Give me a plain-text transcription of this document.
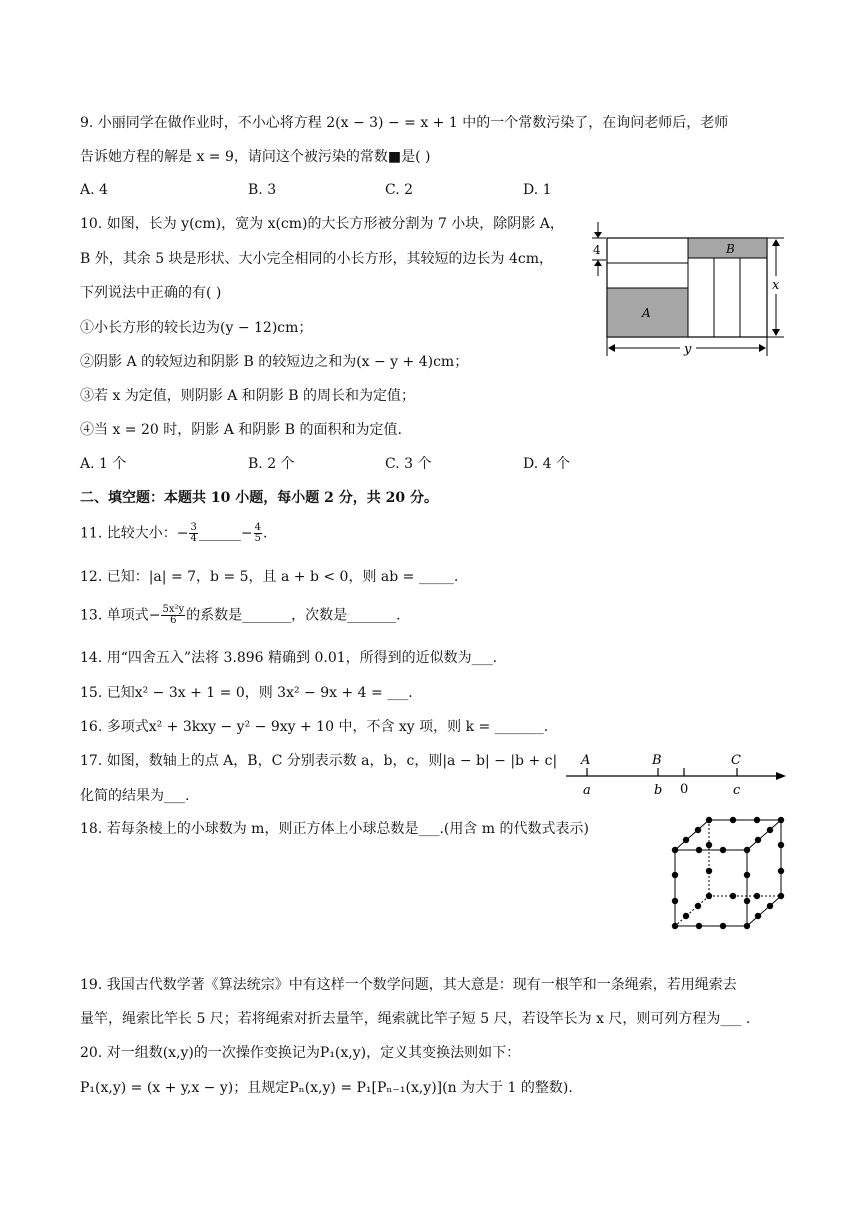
9. 小丽同学在做作业时，不小心将方程 2(x − 3) − = x + 1 中的一个常数污染了，在询问老师后，老师
告诉她方程的解是 x = 9，请问这个被污染的常数■是( )
A. 4	B. 3	C. 2	D. 1
10. 如图，长为 y(cm)，宽为 x(cm)的大长方形被分割为 7 小块，除阴影 A，
B 外，其余 5 块是形状、大小完全相同的小长方形，其较短的边长为 4cm，
下列说法中正确的有( )
①小长方形的较长边为(y − 12)cm；
②阴影 A 的较短边和阴影 B 的较短边之和为(x − y + 4)cm；
③若 x 为定值，则阴影 A 和阴影 B 的周长和为定值；
④当 x = 20 时，阴影 A 和阴影 B 的面积和为定值.
A. 1 个	B. 2 个	C. 3 个	D. 4 个
4
A
B
x
y
二、填空题：本题共 10 小题，每小题 2 分，共 20 分。
11. 比较大小：− $\frac{3}{4}$ ______− $\frac{4}{5}$ .
12. 已知：|a| = 7，b = 5，且 a + b < 0，则 ab = _____.
13. 单项式− $\frac{\text{5x²y}}{6}$ 的系数是_______，次数是_______.
14. 用“四舍五入”法将 3.896 精确到 0.01，所得到的近似数为___.
15. 已知x² − 3x + 1 = 0，则 3x² − 9x + 4 = ___.
16. 多项式x² + 3kxy − y² − 9xy + 10 中，不含 xy 项，则 k = _______.
17. 如图，数轴上的点 A，B，C 分别表示数 a，b，c，则|a − b| − |b + c|
化简的结果为___.
A	B	C
a	b 0	c
18. 若每条棱上的小球数为 m，则正方体上小球总数是___.(用含 m 的代数式表示)
19. 我国古代数学著《算法统宗》中有这样一个数学问题，其大意是：现有一根竿和一条绳索，若用绳索去
量竿，绳索比竿长 5 尺；若将绳索对折去量竿，绳索就比竿子短 5 尺，若设竿长为 x 尺，则可列方程为___ .
20. 对一组数(x,y)的一次操作变换记为P₁(x,y)，定义其变换法则如下：
P₁(x,y) = (x + y,x − y)；且规定Pₙ(x,y) = P₁[Pₙ₋₁(x,y)](n 为大于 1 的整数).
